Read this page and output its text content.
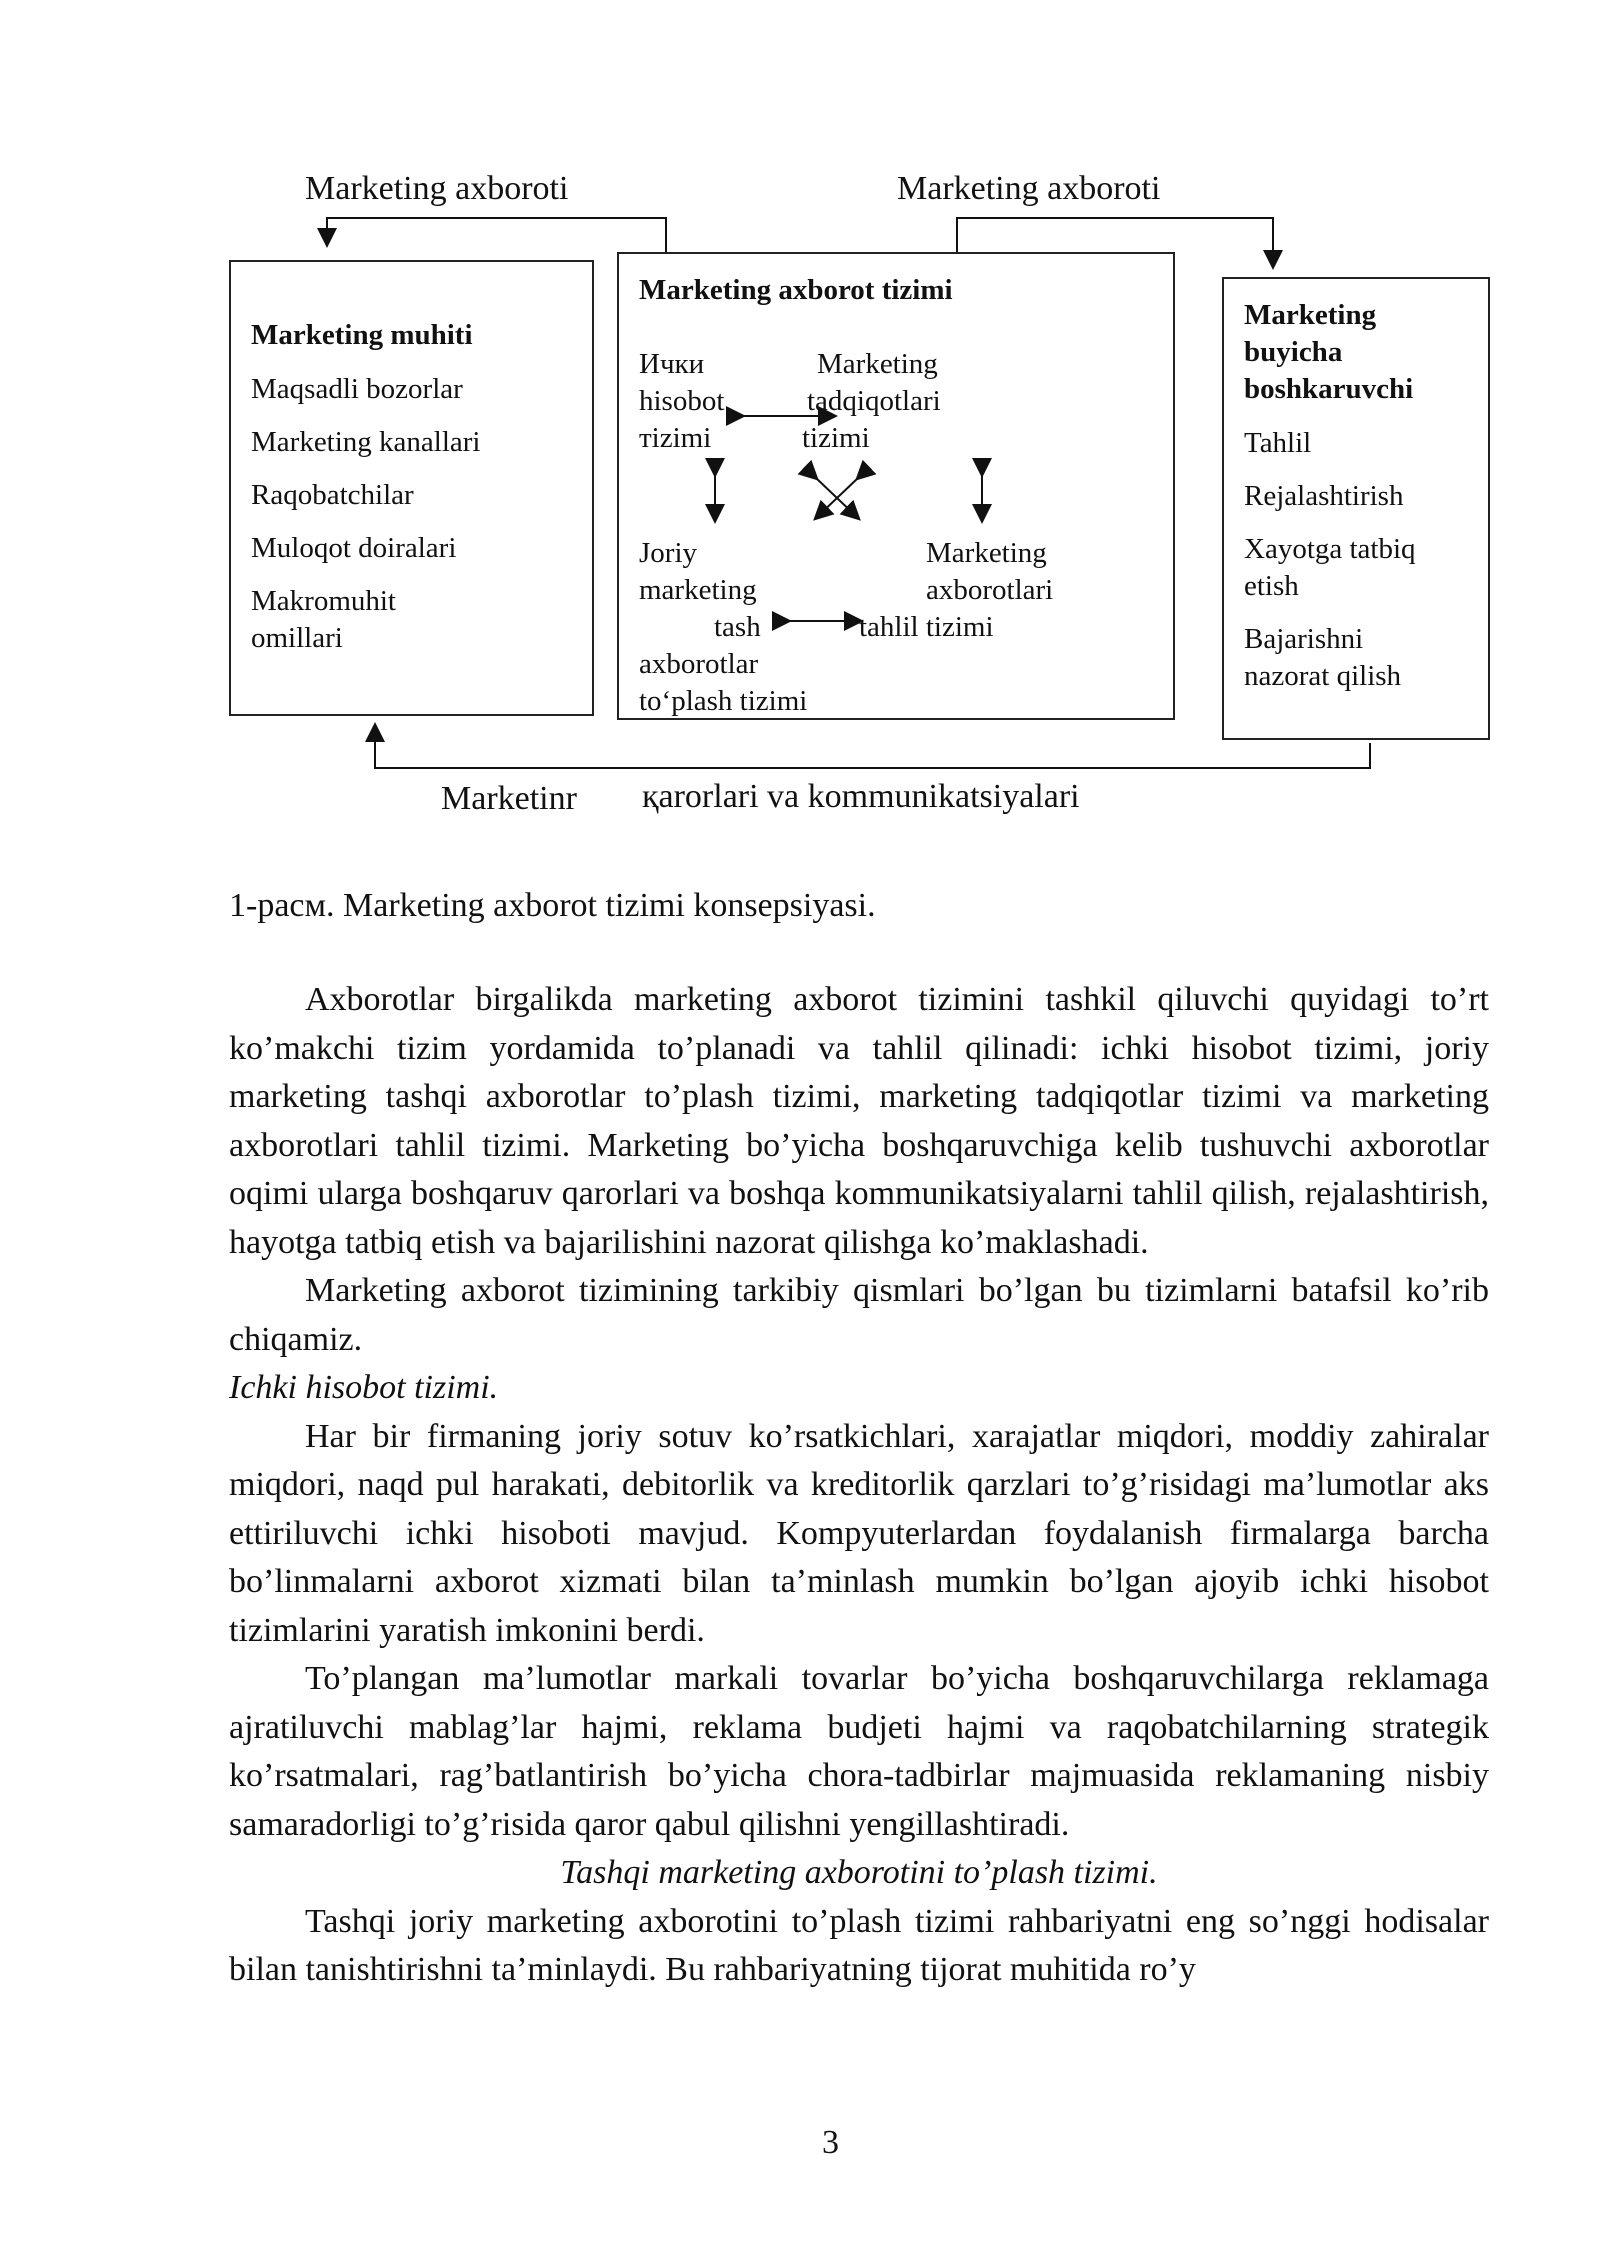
Marketing axboroti	Marketing axboroti
Marketing muhiti
Maqsadli bozorlar
Marketing kanallari
Raqobatchilar
Muloqot doiralari
Makromuhit
omillari
Marketing axborot tizimi
Ички
hisobot
тizimi
Marketing
tadqiqotlari
tizimi
Joriy
marketing
tash
axborotlar
to‘plash tizimi
Marketing
axborotlari
tahlil tizimi
Marketing
buyicha
boshkaruvchi
Tahlil
Rejalashtirish
Xayotga tatbiq
etish
Bajarishni
nazorat qilish
Marketinr қarorlari va kommunikatsiyalari
1-расм. Marketing axborot tizimi konsepsiyasi.

Axborotlar birgalikda marketing axborot tizimini tashkil qiluvchi quyidagi to’rt ko’makchi tizim yordamida to’planadi va tahlil qilinadi: ichki hisobot tizimi, joriy marketing tashqi axborotlar to’plash tizimi, marketing tadqiqotlar tizimi va marketing axborotlari tahlil tizimi. Marketing bo’yicha boshqaruvchiga kelib tushuvchi axborotlar oqimi ularga boshqaruv qarorlari va boshqa kommunikatsiyalarni tahlil qilish, rejalashtirish, hayotga tatbiq etish va bajarilishini nazorat qilishga ko’maklashadi.

Marketing axborot tizimining tarkibiy qismlari bo’lgan bu tizimlarni batafsil ko’rib chiqamiz.

Ichki hisobot tizimi.

Har bir firmaning joriy sotuv ko’rsatkichlari, xarajatlar miqdori, moddiy zahiralar miqdori, naqd pul harakati, debitorlik va kreditorlik qarzlari to’g’risidagi ma’lumotlar aks ettiriluvchi ichki hisoboti mavjud. Kompyuterlardan foydalanish firmalarga barcha bo’linmalarni axborot xizmati bilan ta’minlash mumkin bo’lgan ajoyib ichki hisobot tizimlarini yaratish imkonini berdi.

To’plangan ma’lumotlar markali tovarlar bo’yicha boshqaruvchilarga reklamaga ajratiluvchi mablag’lar hajmi, reklama budjeti hajmi va raqobatchilarning strategik ko’rsatmalari, rag’batlantirish bo’yicha chora-tadbirlar majmuasida reklamaning nisbiy samaradorligi to’g’risida qaror qabul qilishni yengillashtiradi.

Tashqi marketing axborotini to’plash tizimi.

Tashqi joriy marketing axborotini to’plash tizimi rahbariyatni eng so’nggi hodisalar bilan tanishtirishni ta’minlaydi. Bu rahbariyatning tijorat muhitida ro’y

3
